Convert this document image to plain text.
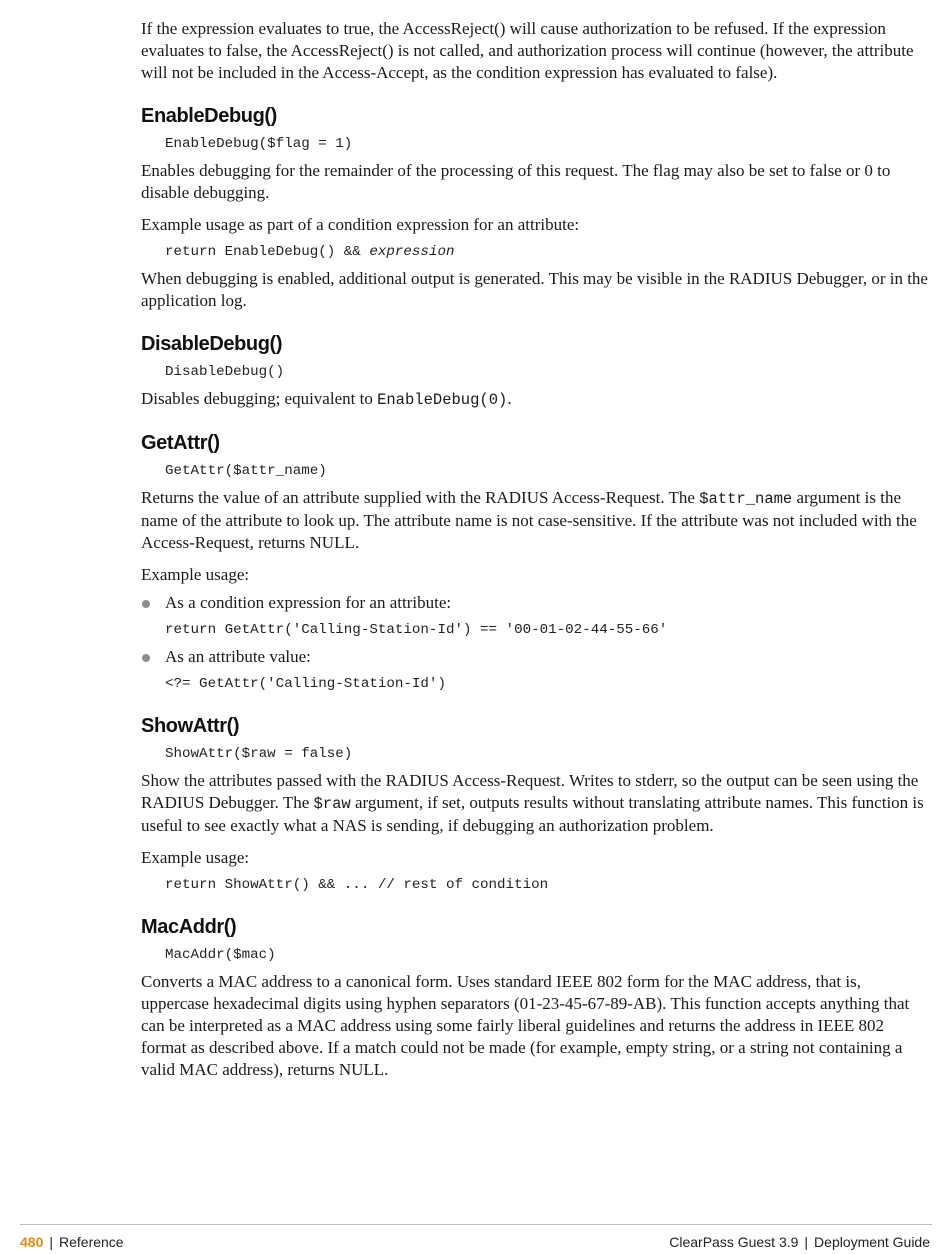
If the expression evaluates to true, the AccessReject() will cause authorization to be refused. If the expression evaluates to false, the AccessReject() is not called, and authorization process will continue (however, the attribute will not be included in the Access-Accept, as the condition expression has evaluated to false).

EnableDebug()
EnableDebug($flag = 1)

Enables debugging for the remainder of the processing of this request. The flag may also be set to false or 0 to disable debugging.

Example usage as part of a condition expression for an attribute:

return EnableDebug() && expression

When debugging is enabled, additional output is generated. This may be visible in the RADIUS Debugger, or in the application log.

DisableDebug()
DisableDebug()

Disables debugging; equivalent to EnableDebug(0).

GetAttr()
GetAttr($attr_name)

Returns the value of an attribute supplied with the RADIUS Access-Request. The $attr_name argument is the name of the attribute to look up. The attribute name is not case-sensitive. If the attribute was not included with the Access-Request, returns NULL.

Example usage:

As a condition expression for an attribute:

return GetAttr('Calling-Station-Id') == '00-01-02-44-55-66'

As an attribute value:

<?= GetAttr('Calling-Station-Id')
ShowAttr()
ShowAttr($raw = false)

Show the attributes passed with the RADIUS Access-Request. Writes to stderr, so the output can be seen using the RADIUS Debugger. The $raw argument, if set, outputs results without translating attribute names. This function is useful to see exactly what a NAS is sending, if debugging an authorization problem.

Example usage:

return ShowAttr() && ... // rest of condition
MacAddr()
MacAddr($mac)

Converts a MAC address to a canonical form. Uses standard IEEE 802 form for the MAC address, that is, uppercase hexadecimal digits using hyphen separators (01-23-45-67-89-AB). This function accepts anything that can be interpreted as a MAC address using some fairly liberal guidelines and returns the address in IEEE 802 format as described above. If a match could not be made (for example, empty string, or a string not containing a valid MAC address), returns NULL.

480 | Reference	ClearPass Guest 3.9 | Deployment Guide
